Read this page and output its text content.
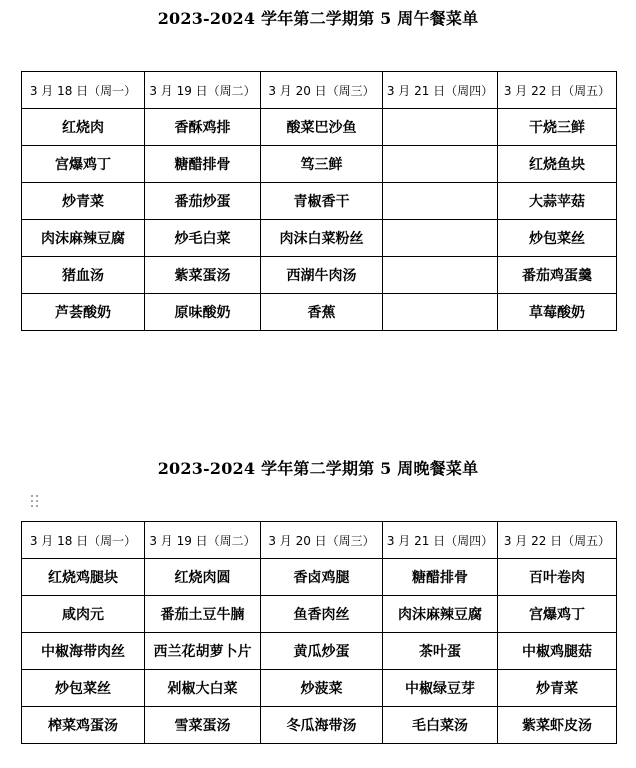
2023-2024 学年第二学期第 5 周午餐菜单
3 月 18 日（周一）	3 月 19 日（周二）	3 月 20 日（周三）	3 月 21 日（周四）	3 月 22 日（周五）
红烧肉	香酥鸡排	酸菜巴沙鱼		干烧三鲜
宫爆鸡丁	糖醋排骨	笃三鲜		红烧鱼块
炒青菜	番茄炒蛋	青椒香干		大蒜苹菇
肉沫麻辣豆腐	炒毛白菜	肉沫白菜粉丝		炒包菜丝
猪血汤	紫菜蛋汤	西湖牛肉汤		番茄鸡蛋羹
芦荟酸奶	原味酸奶	香蕉		草莓酸奶
2023-2024 学年第二学期第 5 周晚餐菜单
3 月 18 日（周一）	3 月 19 日（周二）	3 月 20 日（周三）	3 月 21 日（周四）	3 月 22 日（周五）
红烧鸡腿块	红烧肉圆	香卤鸡腿	糖醋排骨	百叶卷肉
咸肉元	番茄土豆牛腩	鱼香肉丝	肉沫麻辣豆腐	宫爆鸡丁
中椒海带肉丝	西兰花胡萝卜片	黄瓜炒蛋	茶叶蛋	中椒鸡腿菇
炒包菜丝	剁椒大白菜	炒菠菜	中椒绿豆芽	炒青菜
榨菜鸡蛋汤	雪菜蛋汤	冬瓜海带汤	毛白菜汤	紫菜虾皮汤
